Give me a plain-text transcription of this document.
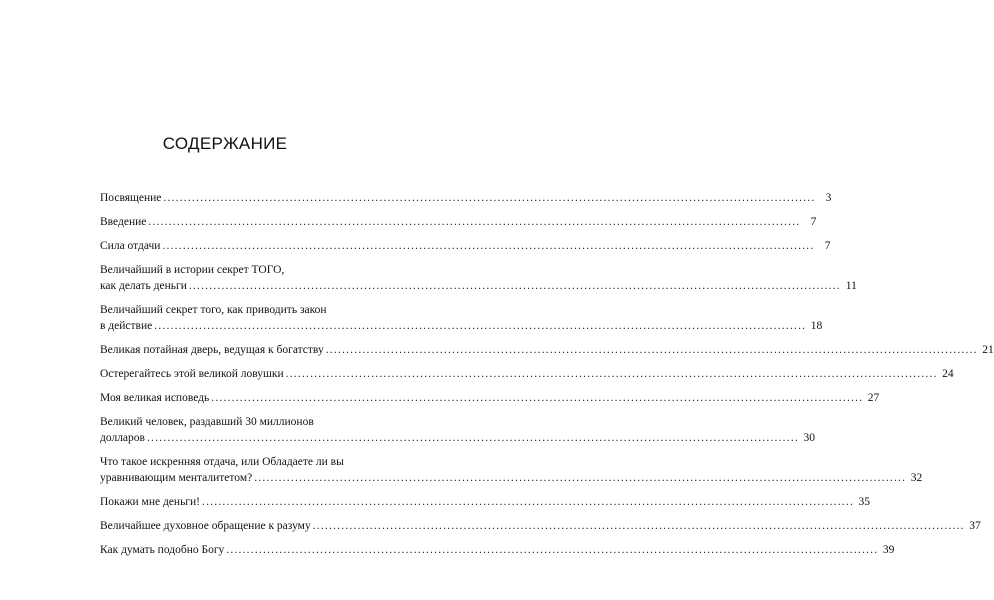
СОДЕРЖАНИЕ
Посвящение ................................................................................................................................................................ 3
Введение ................................................................................................................................................................ 7
Сила отдачи ................................................................................................................................................................ 7
Величайший в истории секрет ТОГО,
как делать деньги ................................................................................................................................................................ 11
Величайший секрет того, как приводить закон
в действие ................................................................................................................................................................ 18
Великая потайная дверь, ведущая к богатству ................................................................................................................................................................ 21
Остерегайтесь этой великой ловушки ................................................................................................................................................................ 24
Моя великая исповедь ................................................................................................................................................................ 27
Великий человек, раздавший 30 миллионов
долларов ................................................................................................................................................................ 30
Что такое искренняя отдача, или Обладаете ли вы
уравнивающим менталитетом? ................................................................................................................................................................ 32
Покажи мне деньги! ................................................................................................................................................................ 35
Величайшее духовное обращение к разуму ................................................................................................................................................................ 37
Как думать подобно Богу ................................................................................................................................................................ 39
